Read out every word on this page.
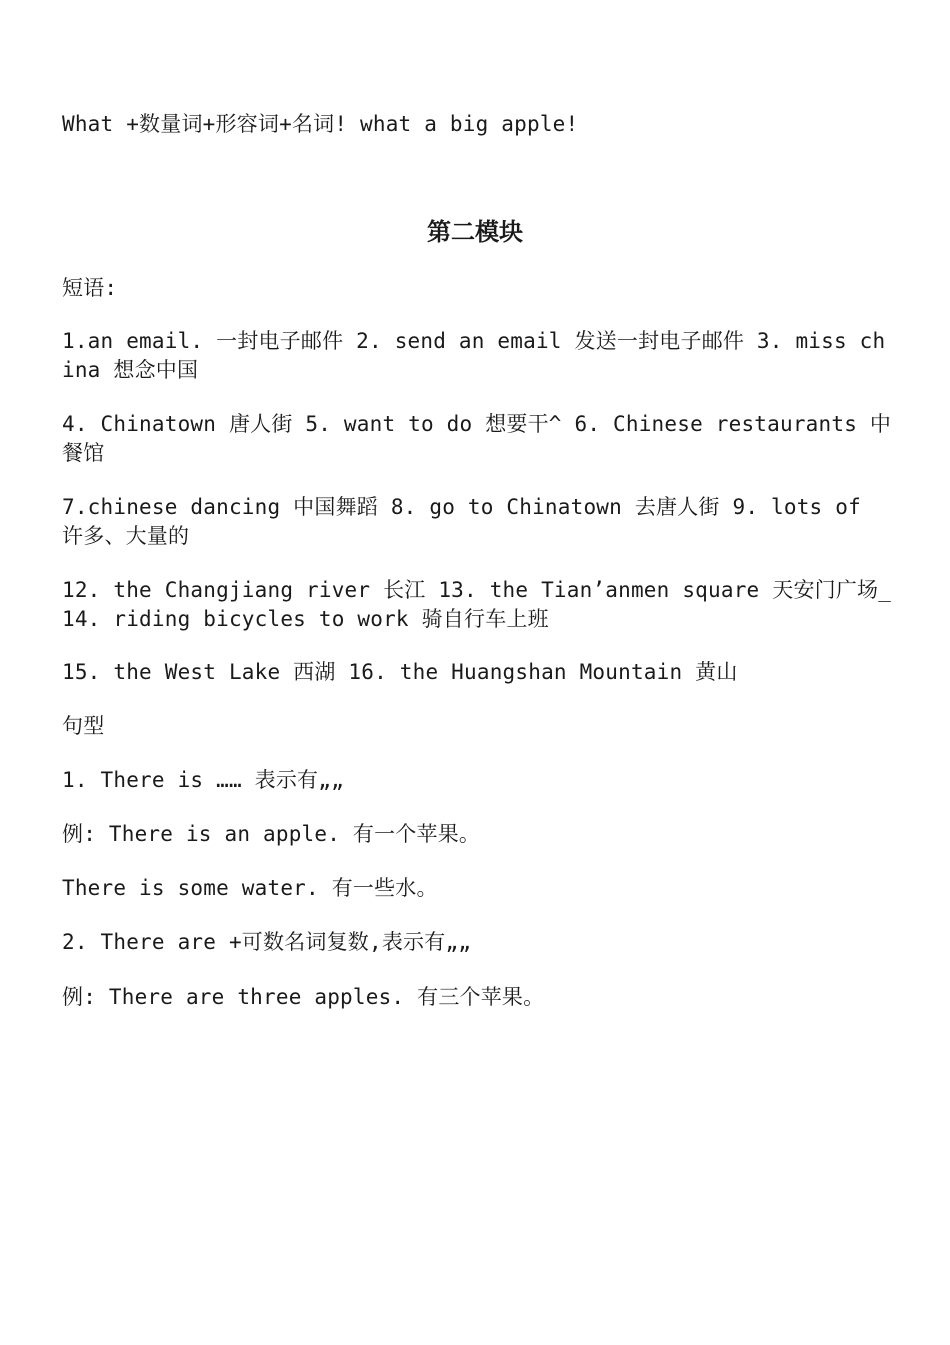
What +数量词+形容词+名词! what a big apple!
第二模块
短语:
1.an email. 一封电子邮件 2. send an email 发送一封电子邮件 3. miss china 想念中国
4. Chinatown 唐人街 5. want to do 想要干^ 6. Chinese restaurants 中餐馆
7.chinese dancing 中国舞蹈 8. go to Chinatown 去唐人街 9. lots of 许多、大量的
12. the Changjiang river 长江 13. the Tian’anmen square 天安门广场_ 14. riding bicycles to work 骑自行车上班
15. the West Lake 西湖 16. the Huangshan Mountain 黄山
句型
1. There is …… 表示有„„
例: There is an apple. 有一个苹果。
There is some water. 有一些水。
2. There are +可数名词复数,表示有„„
例: There are three apples. 有三个苹果。
